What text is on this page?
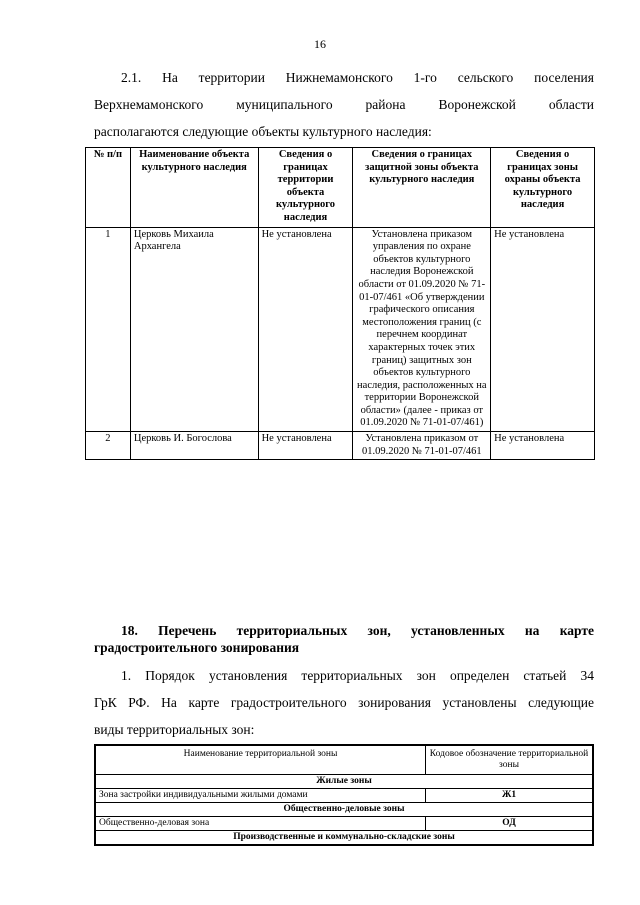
16
2.1. На территории Нижнемамонского 1-го сельского поселения
Верхнемамонского муниципального района Воронежской области
располагаются следующие объекты культурного наследия:
№ п/п	Наименование объекта культурного наследия	Сведения о границах территории объекта культурного наследия	Сведения о границах защитной зоны объекта культурного наследия	Сведения о границах зоны охраны объекта культурного наследия
1	Церковь Михаила Архангела	Не установлена	Установлена приказом управления по охране объектов культурного наследия Воронежской области от 01.09.2020 № 71-01-07/461 «Об утверждении графического описания местоположения границ (с перечнем координат характерных точек этих границ) защитных зон объектов культурного наследия, расположенных на территории Воронежской области» (далее - приказ от 01.09.2020 № 71-01-07/461)	Не установлена
2	Церковь И. Богослова	Не установлена	Установлена приказом от 01.09.2020 № 71-01-07/461	Не установлена
18. Перечень территориальных зон, установленных на карте
градостроительного зонирования
1. Порядок установления территориальных зон определен статьей 34
ГрК РФ. На карте градостроительного зонирования установлены следующие
виды территориальных зон:
Наименование территориальной зоны	Кодовое обозначение территориальной зоны
Жилые зоны	
Зона застройки индивидуальными жилыми домами	Ж1
Общественно-деловые зоны	
Общественно-деловая зона	ОД
Производственные и коммунально-складские зоны	
